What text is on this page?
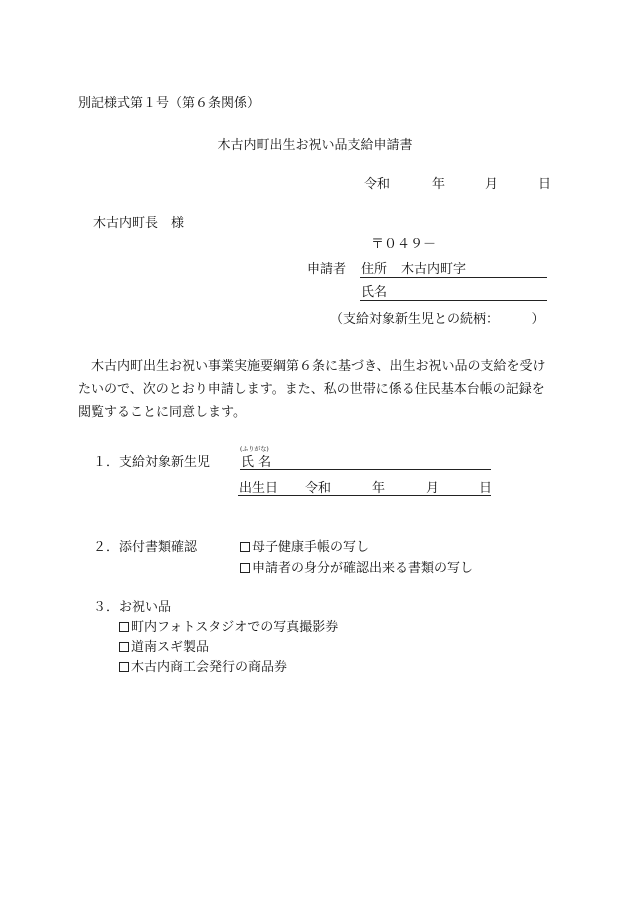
別記様式第１号（第６条関係）
木古内町出生お祝い品支給申請書
令和	年	月	日
木古内町長　様
〒０４９－
申請者 住所 木古内町字
氏名
（支給対象新生児との続柄：　　　）
木古内町出生お祝い事業実施要綱第６条に基づき、出生お祝い品の支給を受けたいので、次のとおり申請します。また、私の世帯に係る住民基本台帳の記録を閲覧することに同意します。
１．支給対象新生児
(ふりがな)
氏 名
出生日 令和	年	月	日
２．添付書類確認	母子健康手帳の写し
申請者の身分が確認出来る書類の写し
３．お祝い品
町内フォトスタジオでの写真撮影券
道南スギ製品
木古内商工会発行の商品券
